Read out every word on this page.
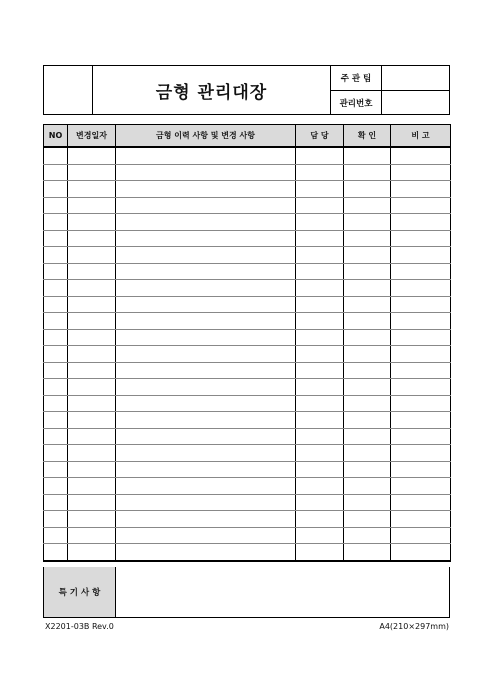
금형 관리대장
주 관 팀
관리번호
NO	변경일자	금형 이력 사항 및 변경 사항	담 당	확 인	비 고

특 기 사 항
X2201-03B Rev.0	A4(210×297mm)
